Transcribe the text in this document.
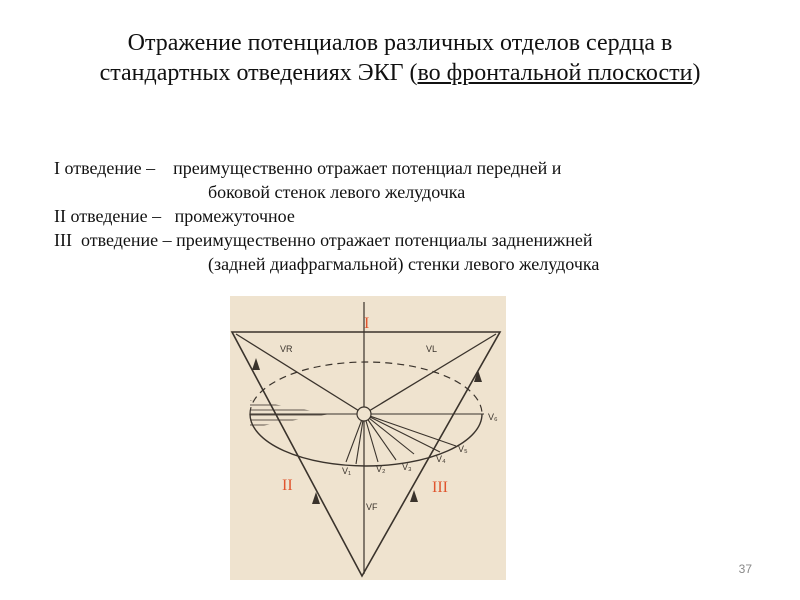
Отражение потенциалов различных отделов сердца в стандартных отведениях ЭКГ (во фронтальной плоскости)
I отведение – преимущественно отражает потенциал передней и
боковой стенок левого желудочка
II отведение – промежуточное
III  отведение – преимущественно отражает потенциалы задненижней
(задней диафрагмальной) стенки левого желудочка
VR	VL
VF
V₁	V₂ V₃
V₄
V₅
V₆
I
II	III
37
